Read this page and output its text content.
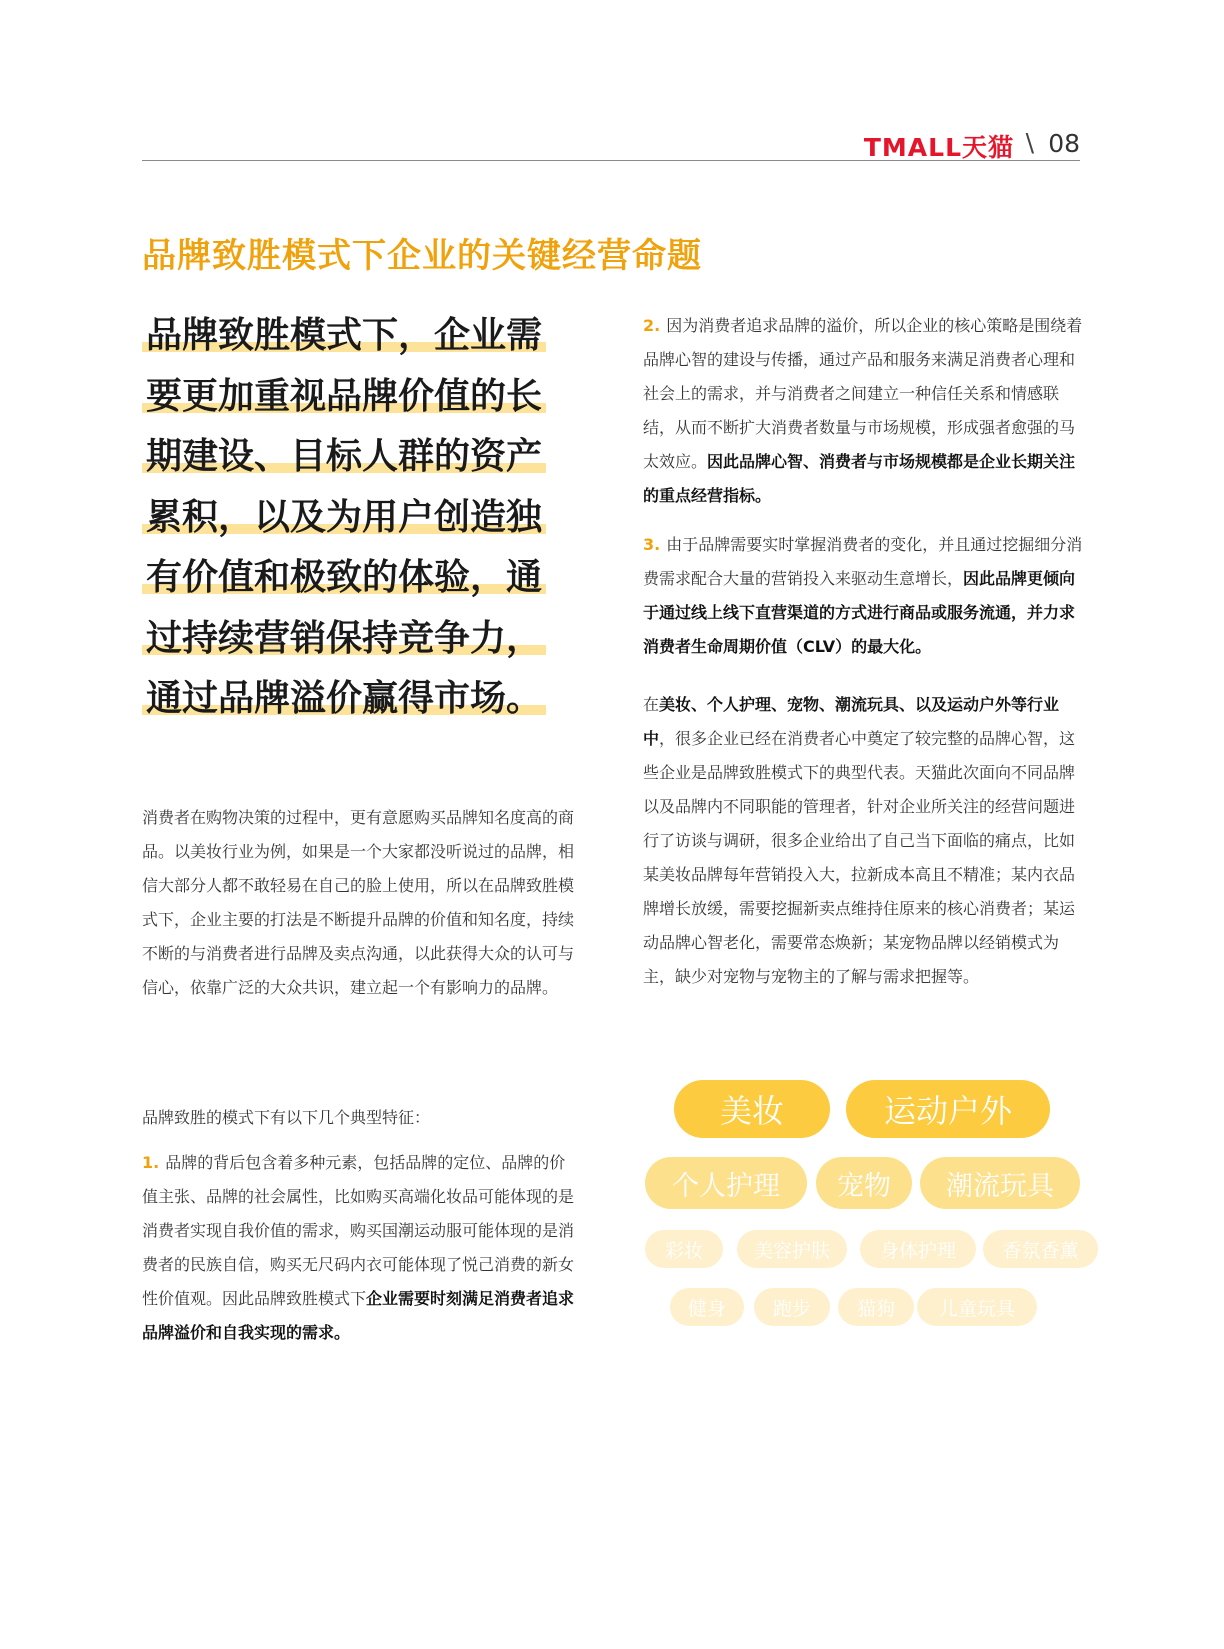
TMALL天猫 \ 08
品牌致胜模式下企业的关键经营命题

品牌致胜模式下，企业需
要更加重视品牌价值的长
期建设、目标人群的资产
累积，以及为用户创造独
有价值和极致的体验，通
过持续营销保持竞争力，
通过品牌溢价赢得市场。

消费者在购物决策的过程中，更有意愿购买品牌知名度高的商品。以美妆行业为例，如果是一个大家都没听说过的品牌，相信大部分人都不敢轻易在自己的脸上使用，所以在品牌致胜模式下，企业主要的打法是不断提升品牌的价值和知名度，持续不断的与消费者进行品牌及卖点沟通，以此获得大众的认可与信心，依靠广泛的大众共识，建立起一个有影响力的品牌。

品牌致胜的模式下有以下几个典型特征：

1. 品牌的背后包含着多种元素，包括品牌的定位、品牌的价值主张、品牌的社会属性，比如购买高端化妆品可能体现的是消费者实现自我价值的需求，购买国潮运动服可能体现的是消费者的民族自信，购买无尺码内衣可能体现了悦己消费的新女性价值观。因此品牌致胜模式下企业需要时刻满足消费者追求品牌溢价和自我实现的需求。

2. 因为消费者追求品牌的溢价，所以企业的核心策略是围绕着品牌心智的建设与传播，通过产品和服务来满足消费者心理和社会上的需求，并与消费者之间建立一种信任关系和情感联结，从而不断扩大消费者数量与市场规模，形成强者愈强的马太效应。因此品牌心智、消费者与市场规模都是企业长期关注的重点经营指标。

3. 由于品牌需要实时掌握消费者的变化，并且通过挖掘细分消费需求配合大量的营销投入来驱动生意增长，因此品牌更倾向于通过线上线下直营渠道的方式进行商品或服务流通，并力求消费者生命周期价值（CLV）的最大化。

在美妆、个人护理、宠物、潮流玩具、以及运动户外等行业中，很多企业已经在消费者心中奠定了较完整的品牌心智，这些企业是品牌致胜模式下的典型代表。天猫此次面向不同品牌以及品牌内不同职能的管理者，针对企业所关注的经营问题进行了访谈与调研，很多企业给出了自己当下面临的痛点，比如某美妆品牌每年营销投入大，拉新成本高且不精准；某内衣品牌增长放缓，需要挖掘新卖点维持住原来的核心消费者；某运动品牌心智老化，需要常态焕新；某宠物品牌以经销模式为主，缺少对宠物与宠物主的了解与需求把握等。

美妆	运动户外
个人护理	宠物	潮流玩具
彩妆	美容护肤	身体护理	香氛香薰
健身	跑步	猫狗	儿童玩具
